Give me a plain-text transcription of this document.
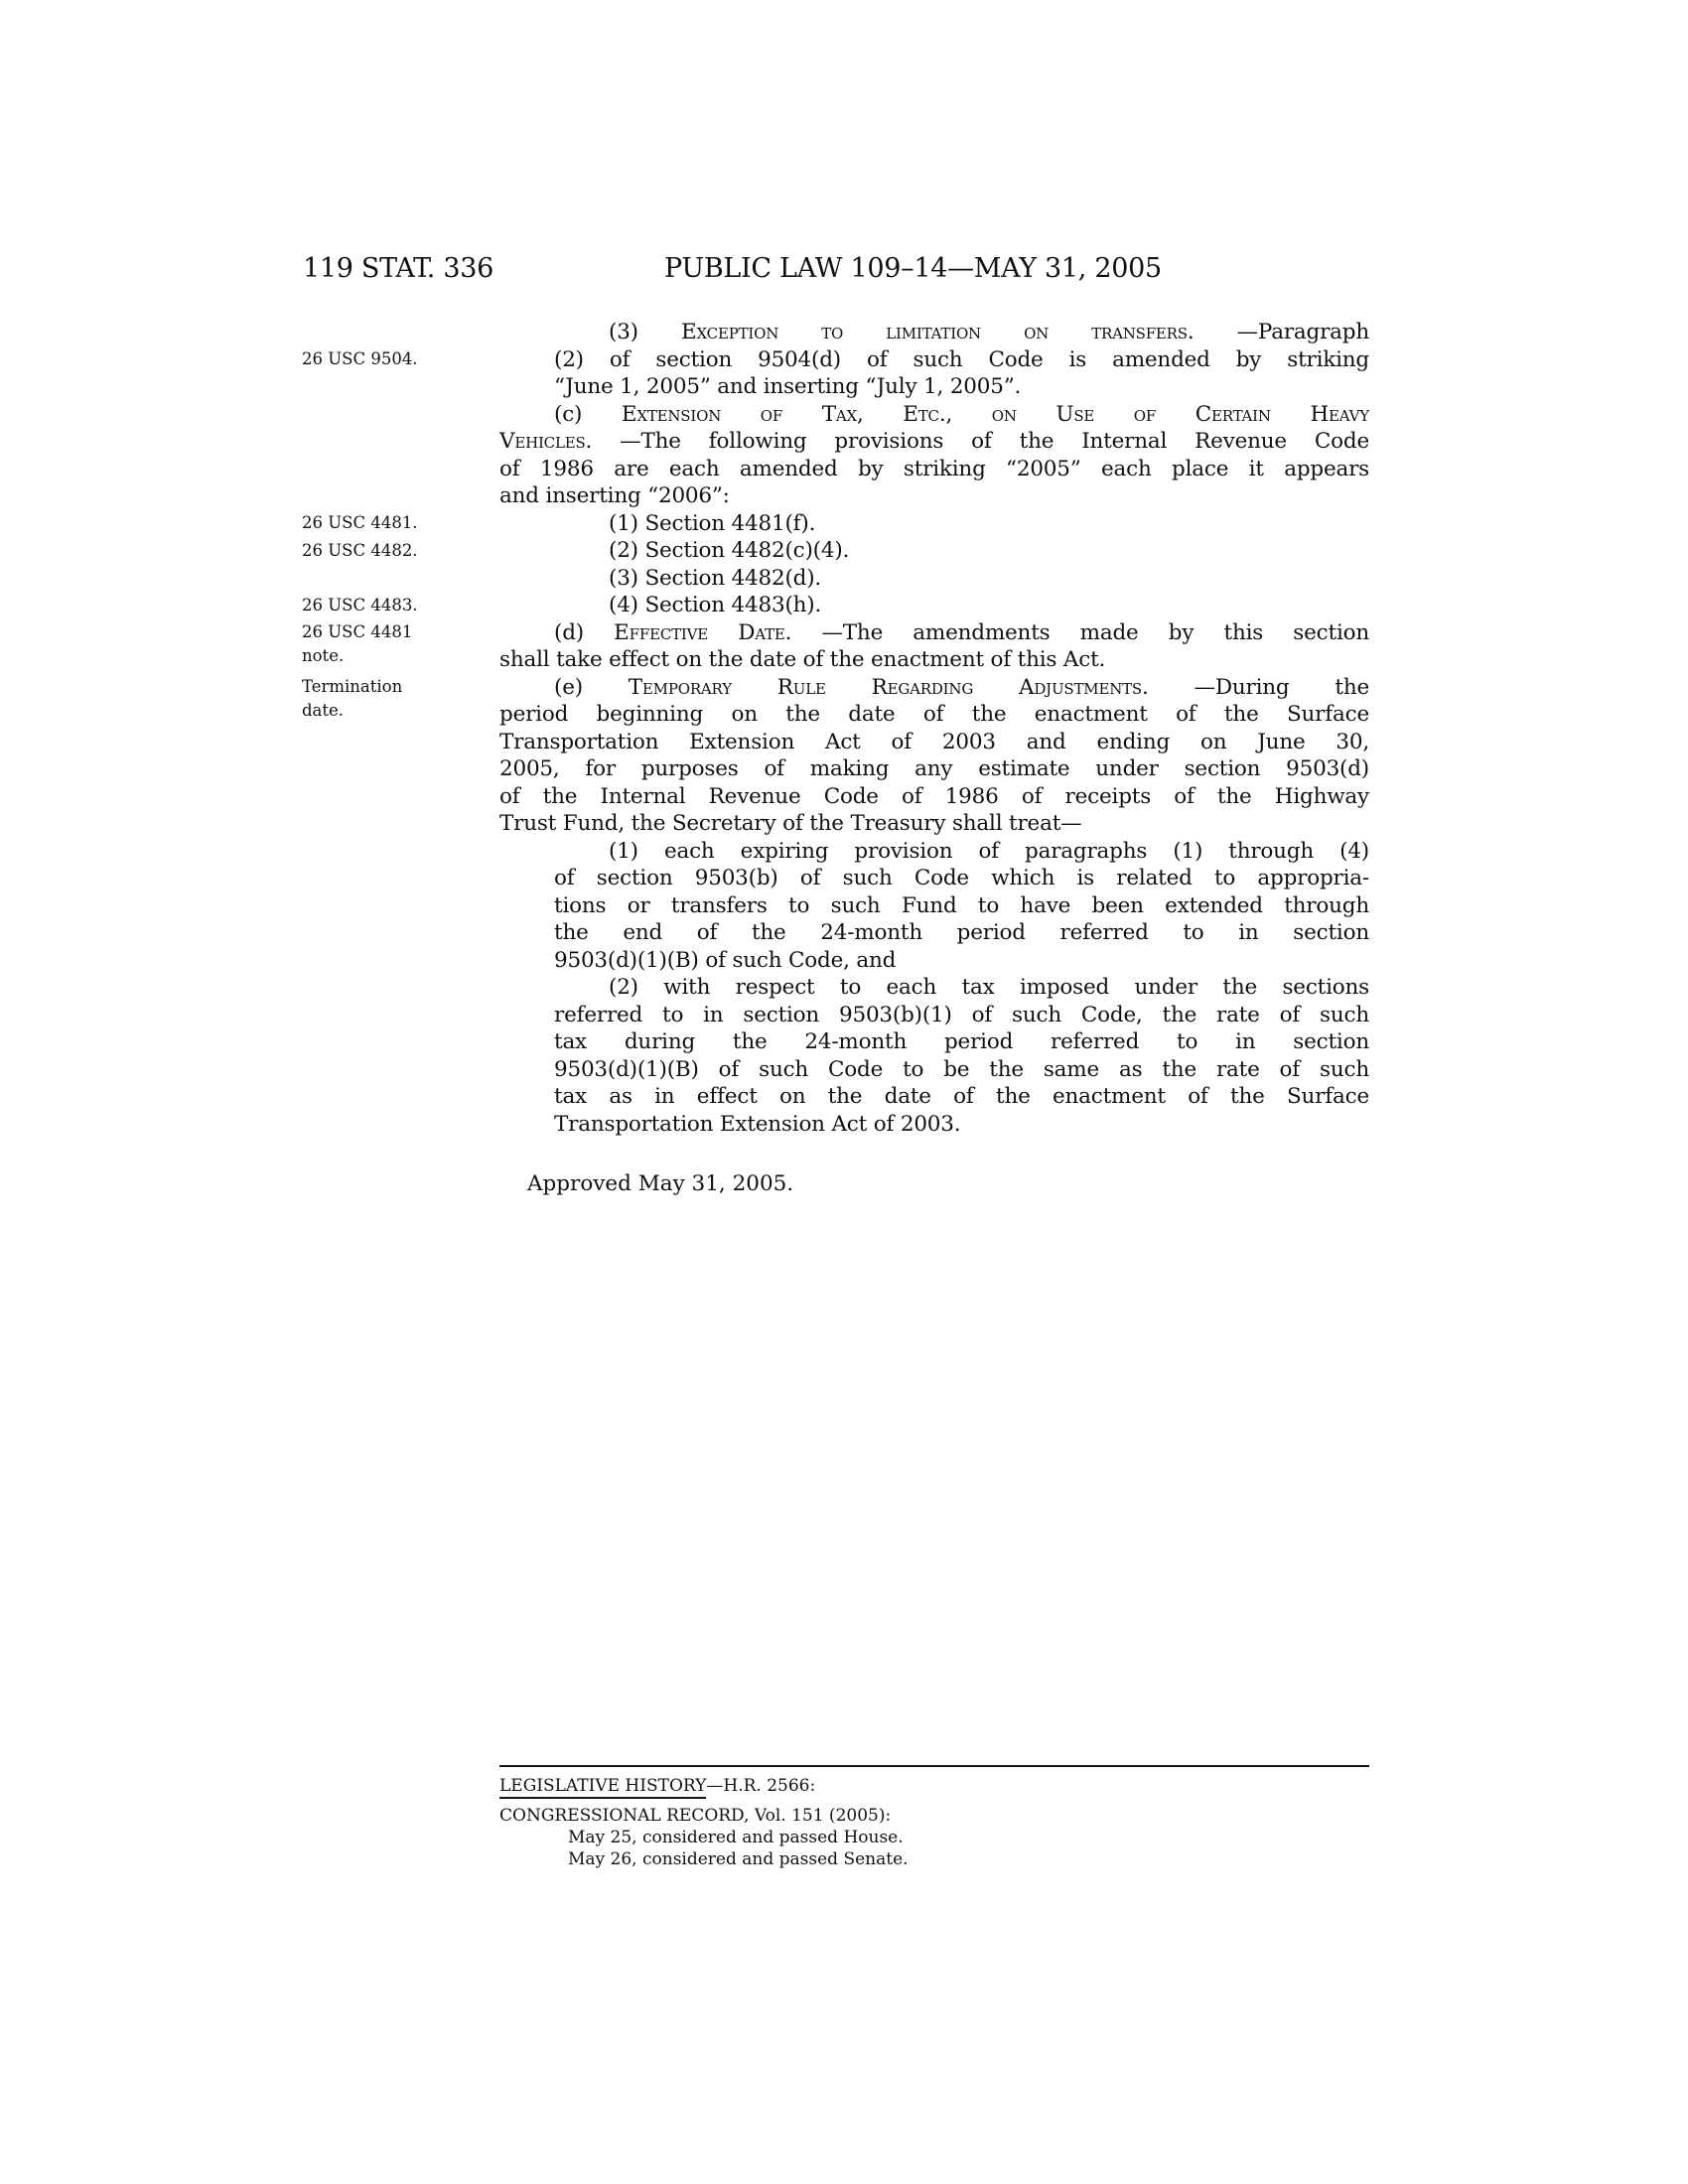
119 STAT. 336	PUBLIC LAW 109–14—MAY 31, 2005
26 USC 9504.
26 USC 4481.
26 USC 4482.
26 USC 4483.
26 USC 4481
note.
Termination
date.
(3) Exception to limitation on transfers. —Paragraph
(2) of section 9504(d) of such Code is amended by striking
“June 1, 2005” and inserting “July 1, 2005”.
(c) Extension of Tax, Etc., on Use of Certain Heavy
Vehicles. —The following provisions of the Internal Revenue Code
of 1986 are each amended by striking “2005” each place it appears
and inserting “2006”:
(1) Section 4481(f).
(2) Section 4482(c)(4).
(3) Section 4482(d).
(4) Section 4483(h).
(d) Effective Date. —The amendments made by this section
shall take effect on the date of the enactment of this Act.
(e) Temporary Rule Regarding Adjustments. —During the
period beginning on the date of the enactment of the Surface
Transportation Extension Act of 2003 and ending on June 30,
2005, for purposes of making any estimate under section 9503(d)
of the Internal Revenue Code of 1986 of receipts of the Highway
Trust Fund, the Secretary of the Treasury shall treat—
(1) each expiring provision of paragraphs (1) through (4)
of section 9503(b) of such Code which is related to appropria-
tions or transfers to such Fund to have been extended through
the end of the 24-month period referred to in section
9503(d)(1)(B) of such Code, and
(2) with respect to each tax imposed under the sections
referred to in section 9503(b)(1) of such Code, the rate of such
tax during the 24-month period referred to in section
9503(d)(1)(B) of such Code to be the same as the rate of such
tax as in effect on the date of the enactment of the Surface
Transportation Extension Act of 2003.
Approved May 31, 2005.
LEGISLATIVE HISTORY—H.R. 2566:
CONGRESSIONAL RECORD, Vol. 151 (2005):
May 25, considered and passed House.
May 26, considered and passed Senate.
